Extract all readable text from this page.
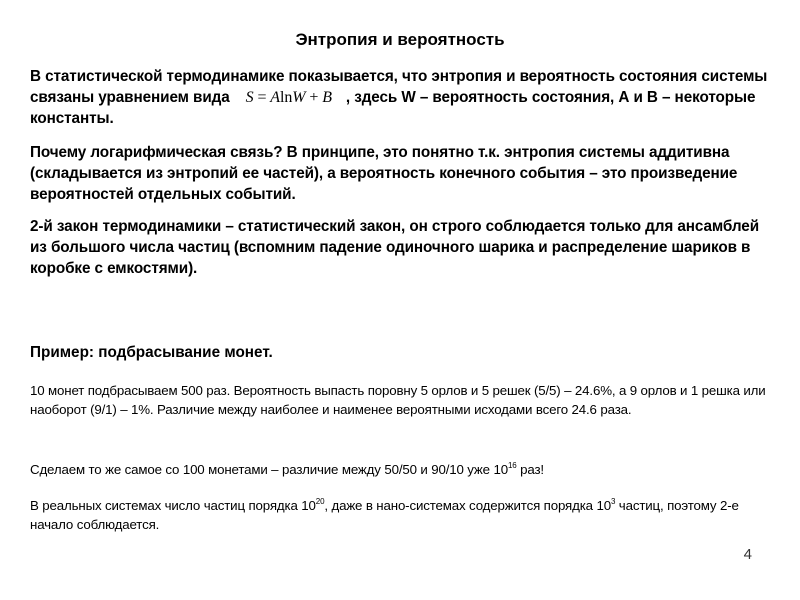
Энтропия и вероятность
В статистической термодинамике показывается, что энтропия и вероятность состояния системы связаны уравнением вида S = AlnW + B , здесь W – вероятность состояния, А и В – некоторые константы.
Почему логарифмическая связь? В принципе, это понятно т.к. энтропия системы аддитивна (складывается из энтропий ее частей), а вероятность конечного события – это произведение вероятностей отдельных событий.
2-й закон термодинамики – статистический закон, он строго соблюдается только для ансамблей из большого числа частиц (вспомним падение одиночного шарика и распределение шариков в коробке с емкостями).
Пример: подбрасывание монет.
10 монет подбрасываем 500 раз. Вероятность выпасть поровну 5 орлов и 5 решек (5/5) – 24.6%, а 9 орлов и 1 решка или наоборот (9/1) – 1%. Различие между наиболее и наименее вероятными исходами всего 24.6 раза.
Сделаем то же самое со 100 монетами – различие между 50/50 и 90/10 уже $10^{16}$ раз!
В реальных системах число частиц порядка $10^{20}$, даже в нано-системах содержится порядка $10^3$ частиц, поэтому 2-е начало соблюдается.
4
